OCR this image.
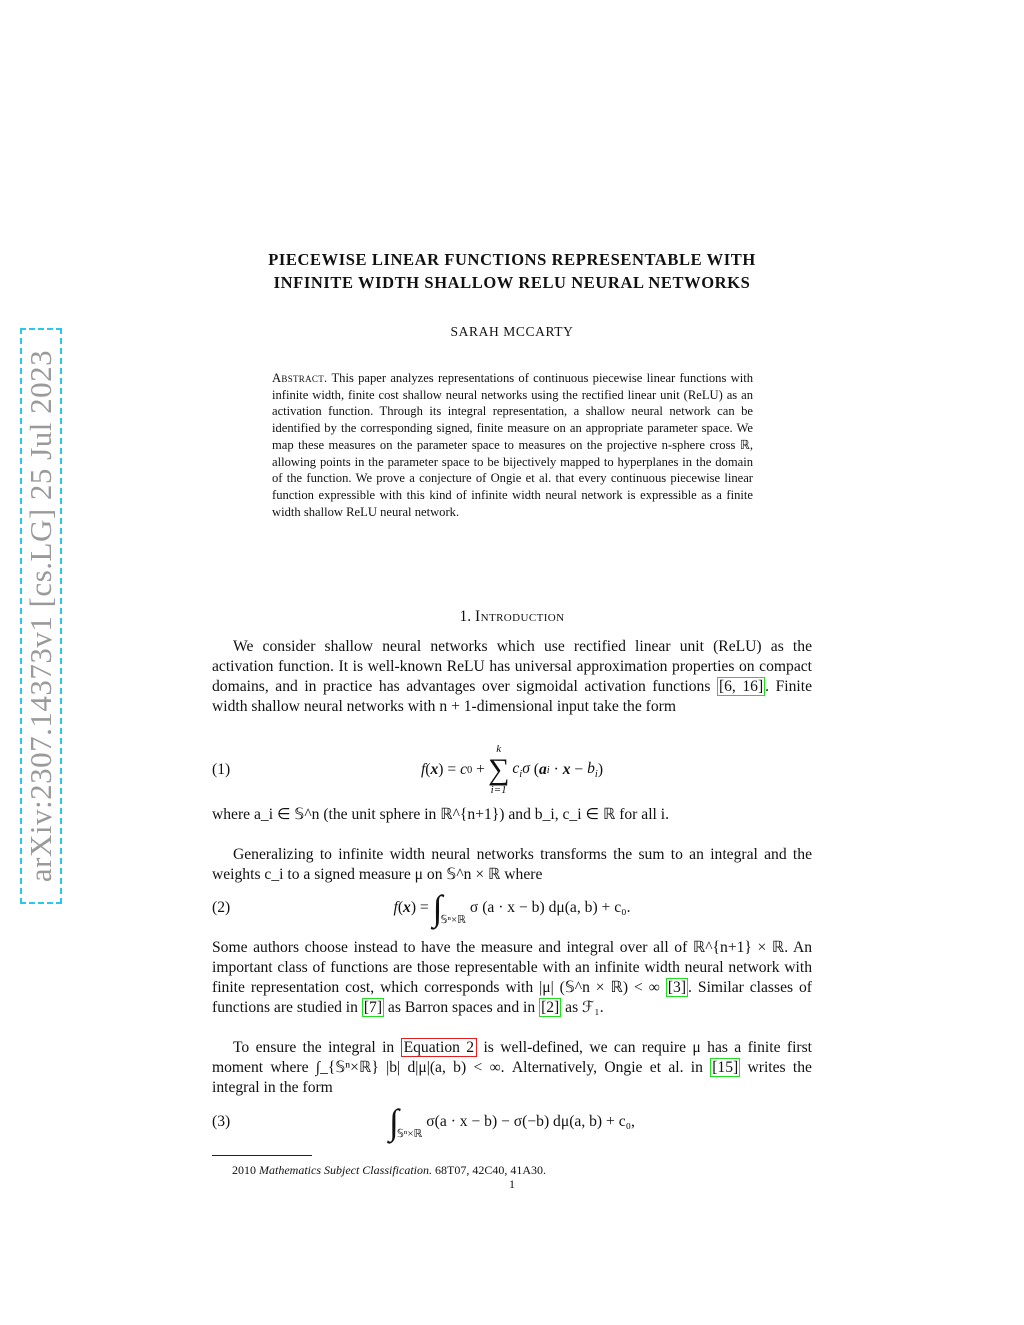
arXiv:2307.14373v1 [cs.LG] 25 Jul 2023
PIECEWISE LINEAR FUNCTIONS REPRESENTABLE WITH
INFINITE WIDTH SHALLOW RELU NEURAL NETWORKS
SARAH MCCARTY
Abstract. This paper analyzes representations of continuous piecewise linear functions with infinite width, finite cost shallow neural networks using the rectified linear unit (ReLU) as an activation function. Through its integral representation, a shallow neural network can be identified by the corresponding signed, finite measure on an appropriate parameter space. We map these measures on the parameter space to measures on the projective n-sphere cross ℝ, allowing points in the parameter space to be bijectively mapped to hyperplanes in the domain of the function. We prove a conjecture of Ongie et al. that every continuous piecewise linear function expressible with this kind of infinite width neural network is expressible as a finite width shallow ReLU neural network.
1. Introduction
We consider shallow neural networks which use rectified linear unit (ReLU) as the activation function. It is well-known ReLU has universal approximation properties on compact domains, and in practice has advantages over sigmoidal activation functions [6, 16] . Finite width shallow neural networks with n + 1-dimensional input take the form
(1)	f ( x ) = c 0 +
k
∑
i=1
$c_i\sigma$ ( a $i \cdot x - b_i$ )
where a_i ∈ 𝕊^n (the unit sphere in ℝ^{n+1}) and b_i, c_i ∈ ℝ for all i.
Generalizing to infinite width neural networks transforms the sum to an integral and the weights c_i to a signed measure μ on 𝕊^n × ℝ where
(2)	f ( x ) = ∫
𝕊ⁿ×ℝ
σ (a · x − b) dμ(a, b) + c₀.
Some authors choose instead to have the measure and integral over all of ℝ^{n+1} × ℝ. An important class of functions are those representable with an infinite width neural network with finite representation cost, which corresponds with |μ| (𝕊^n × ℝ) < ∞ [3] . Similar classes of functions are studied in [7] as Barron spaces and in [2] as ℱ₁.
To ensure the integral in Equation 2 is well-defined, we can require μ has a finite first moment where ∫_{𝕊ⁿ×ℝ} |b| d|μ|(a, b) < ∞. Alternatively, Ongie et al. in [15] writes the integral in the form
(3)	∫
𝕊ⁿ×ℝ
σ(a · x − b) − σ(−b) dμ(a, b) + c₀,
2010 Mathematics Subject Classification. 68T07, 42C40, 41A30.
1
